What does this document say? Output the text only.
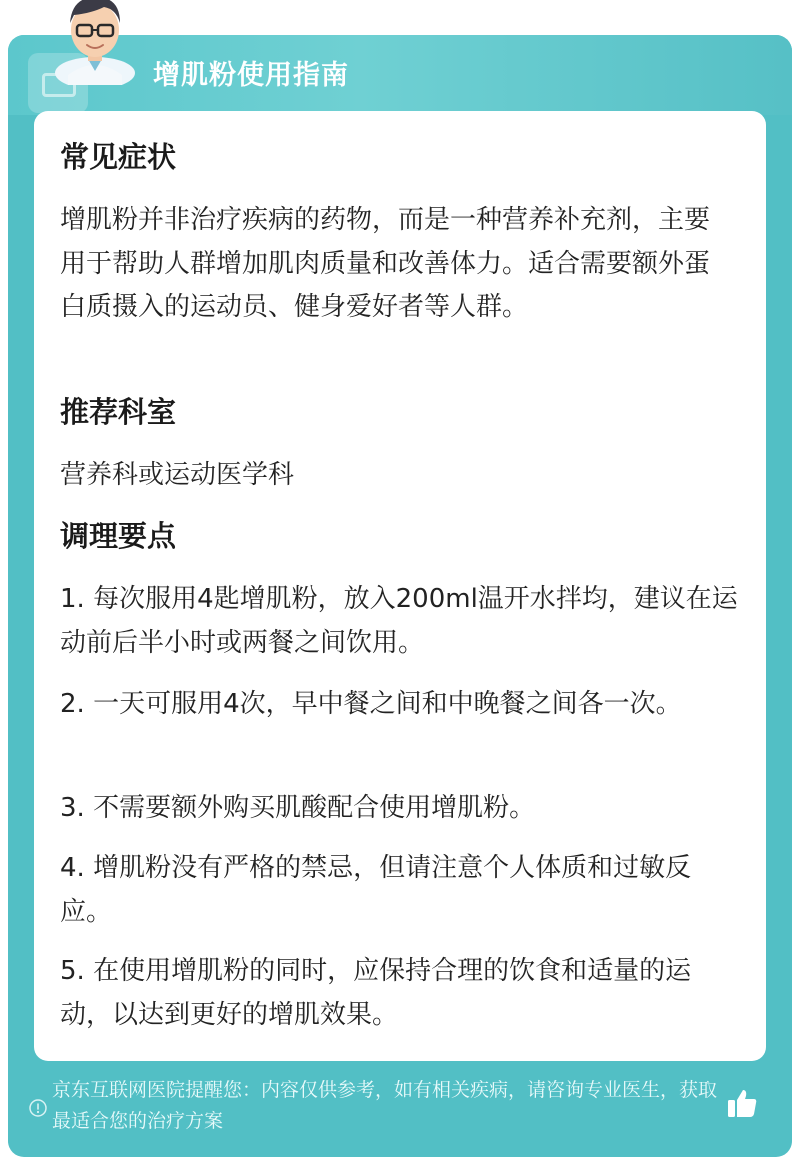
增肌粉使用指南
常见症状

增肌粉并非治疗疾病的药物，而是一种营养补充剂，主要用于帮助人群增加肌肉质量和改善体力。适合需要额外蛋白质摄入的运动员、健身爱好者等人群。

推荐科室

营养科或运动医学科

调理要点

1. 每次服用4匙增肌粉，放入200ml温开水拌均，建议在运动前后半小时或两餐之间饮用。

2. 一天可服用4次，早中餐之间和中晚餐之间各一次。

3. 不需要额外购买肌酸配合使用增肌粉。

4. 增肌粉没有严格的禁忌，但请注意个人体质和过敏反应。

5. 在使用增肌粉的同时，应保持合理的饮食和适量的运动，以达到更好的增肌效果。

京东互联网医院提醒您：内容仅供参考，如有相关疾病，请咨询专业医生，获取最适合您的治疗方案
